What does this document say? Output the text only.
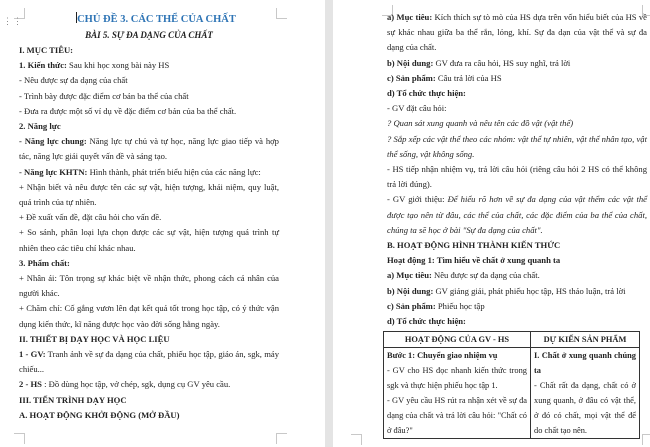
⋮⋮	CHỦ ĐỀ 3. CÁC THỂ CỦA CHẤT
BÀI 5. SỰ ĐA DẠNG CỦA CHẤT
I. MỤC TIÊU:
1. Kiến thức: Sau khi học xong bài này HS
- Nêu được sự đa dạng của chất
- Trình bày được đặc điểm cơ bản ba thể của chất
- Đưa ra được một số ví dụ về đặc điểm cơ bản của ba thể chất.
2. Năng lực
- Năng lực chung: Năng lực tự chủ và tự học, năng lực giao tiếp và hợp tác, năng lực giải quyết vấn đề và sáng tạo.
- Năng lực KHTN: Hình thành, phát triển biểu hiện của các năng lực:
+ Nhận biết và nêu được tên các sự vật, hiện tượng, khái niệm, quy luật, quá trình của tự nhiên.
+ Đề xuất vấn đề, đặt câu hỏi cho vấn đề.
+ So sánh, phân loại lựa chọn được các sự vật, hiện tượng quá trình tự nhiên theo các tiêu chí khác nhau.
3. Phẩm chất:
+ Nhân ái: Tôn trọng sự khác biệt về nhận thức, phong cách cá nhân của người khác.
+ Chăm chỉ: Cố gắng vươn lên đạt kết quả tốt trong học tập, có ý thức vận dụng kiến thức, kĩ năng được học vào đời sống hằng ngày.
II. THIẾT BỊ DẠY HỌC VÀ HỌC LIỆU
1 - GV: Tranh ảnh về sự đa dạng của chất, phiếu học tập, giáo án, sgk, máy chiếu...
2 - HS : Đồ dùng học tập, vở chép, sgk, dụng cụ GV yêu cầu.
III. TIẾN TRÌNH DẠY HỌC
A. HOẠT ĐỘNG KHỞI ĐỘNG (MỞ ĐẦU)
a) Mục tiêu: Kích thích sự tò mò của HS dựa trên vốn hiểu biết của HS về sự khác nhau giữa ba thể rắn, lỏng, khí. Sự đa dạn của vật thể và sự đa dạng của chất.
b) Nội dung: GV đưa ra câu hỏi, HS suy nghĩ, trả lời
c) Sản phẩm: Câu trả lời của HS
d) Tổ chức thực hiện:
- GV đặt câu hỏi:
? Quan sát xung quanh và nêu tên các đồ vật (vật thể)
? Sắp xếp các vật thể theo các nhóm: vật thể tự nhiên, vật thể nhân tạo, vật thể sống, vật không sống.
- HS tiếp nhận nhiệm vụ, trả lời câu hỏi (riêng câu hỏi 2 HS có thể không trả lời đúng).
- GV giới thiệu: Để hiểu rõ hơn về sự đa dạng của vật thểm các vật thể được tạo nên từ đâu, các thể của chất, các đặc điểm của ba thể của chất, chúng ta sẽ học ở bài "Sự đa dạng của chất".
B. HOẠT ĐỘNG HÌNH THÀNH KIẾN THỨC
Hoạt động 1: Tìm hiểu về chất ở xung quanh ta
a) Mục tiêu: Nêu được sự đa dạng của chất.
b) Nội dung: GV giảng giải, phát phiếu học tập, HS thảo luận, trả lời
c) Sản phẩm: Phiếu học tập
d) Tổ chức thực hiện:
HOẠT ĐỘNG CỦA GV - HS	DỰ KIẾN SẢN PHẨM

Bước 1: Chuyển giao nhiệm vụ
- GV cho HS đọc nhanh kiến thức trong sgk và thực hiện phiếu học tập 1.
- GV yêu cầu HS rút ra nhận xét về sự đa dạng của chất và trả lời câu hỏi: "Chất có ở đâu?"

I. Chất ở xung quanh chúng ta
- Chất rất đa dạng, chất có ở xung quanh, ở đâu có vật thể, ở đó có chất, mọi vật thể để do chất tạo nên.
